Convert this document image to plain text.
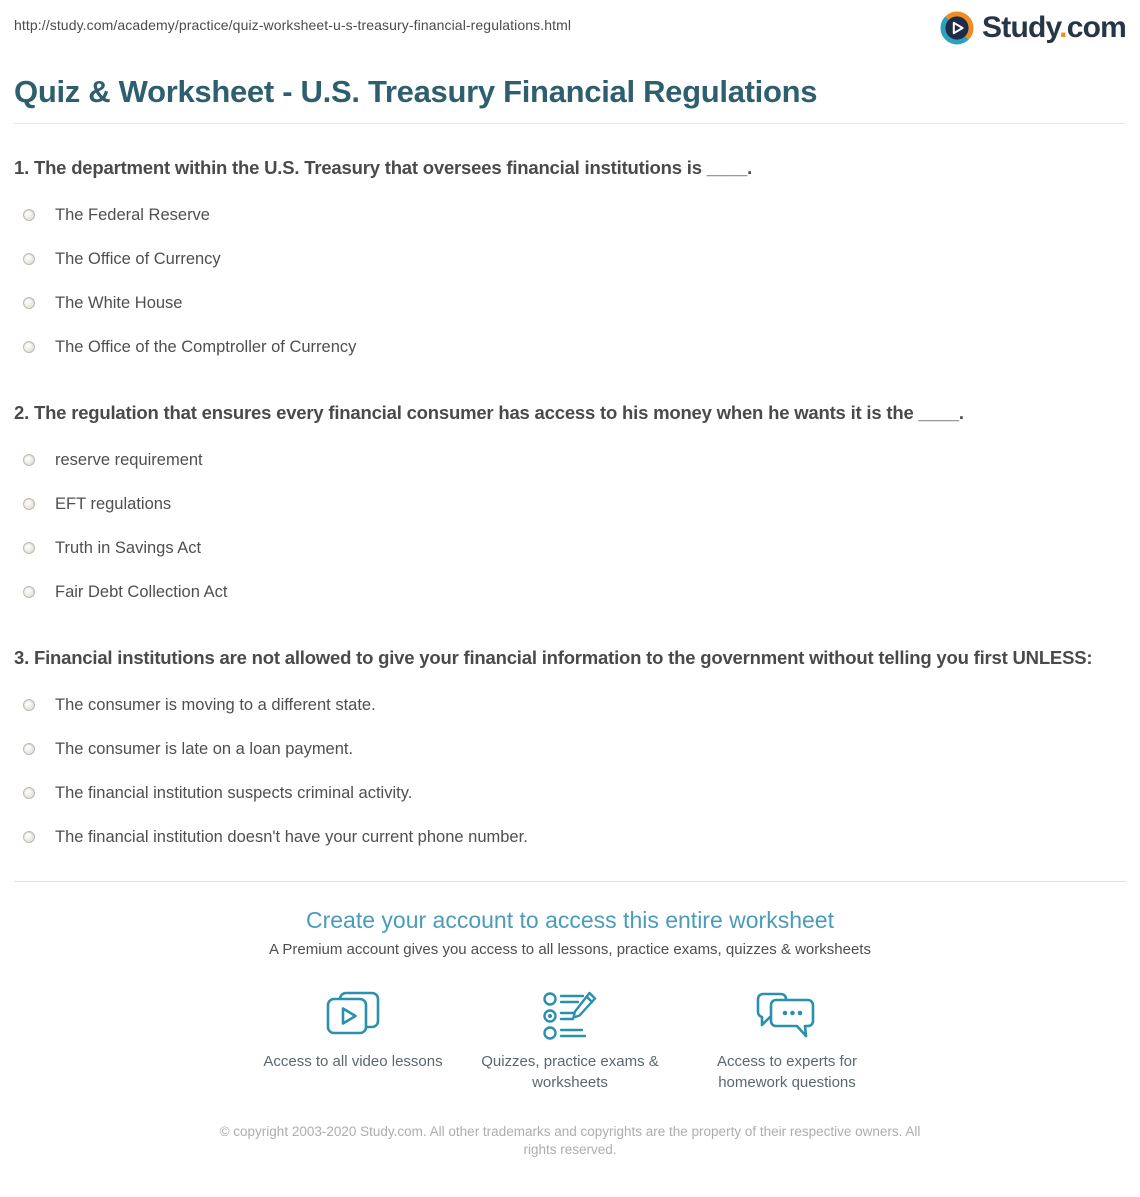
http://study.com/academy/practice/quiz-worksheet-u-s-treasury-financial-regulations.html	Study.com
Quiz & Worksheet - U.S. Treasury Financial Regulations
1. The department within the U.S. Treasury that oversees financial institutions is ____.
The Federal Reserve
The Office of Currency
The White House
The Office of the Comptroller of Currency
2. The regulation that ensures every financial consumer has access to his money when he wants it is the ____.
reserve requirement
EFT regulations
Truth in Savings Act
Fair Debt Collection Act
3. Financial institutions are not allowed to give your financial information to the government without telling you first UNLESS:
The consumer is moving to a different state.
The consumer is late on a loan payment.
The financial institution suspects criminal activity.
The financial institution doesn't have your current phone number.
Create your account to access this entire worksheet
A Premium account gives you access to all lessons, practice exams, quizzes & worksheets
Access to all video lessons	Quizzes, practice exams & worksheets
Access to experts for homework questions
© copyright 2003-2020 Study.com. All other trademarks and copyrights are the property of their respective owners. All rights reserved.
